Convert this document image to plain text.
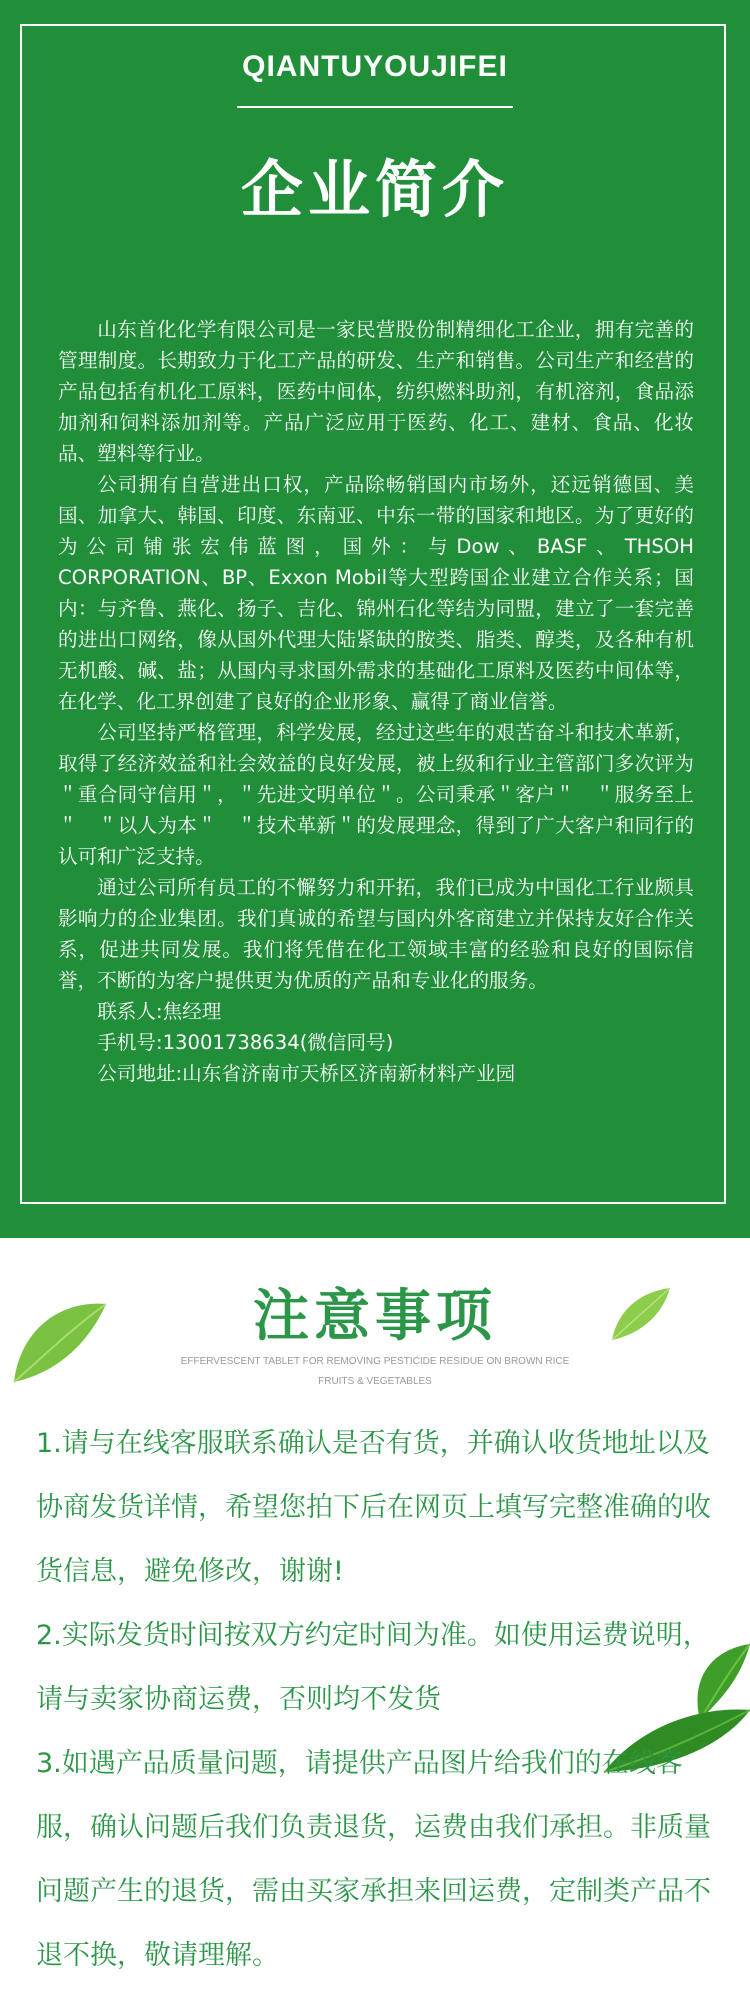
QIANTUYOUJIFEI
企业简介

山东首化化学有限公司是一家民营股份制精细化工企业，拥有完善的管理制度。长期致力于化工产品的研发、生产和销售。公司生产和经营的产品包括有机化工原料，医药中间体，纺织燃料助剂，有机溶剂，食品添加剂和饲料添加剂等。产品广泛应用于医药、化工、建材、食品、化妆品、塑料等行业。

公司拥有自营进出口权，产品除畅销国内市场外，还远销德国、美国、加拿大、韩国、印度、东南亚、中东一带的国家和地区。为了更好的为公司铺张宏伟蓝图，国外：与Dow、BASF、THSOH CORPORATION、BP、Exxon Mobil等大型跨国企业建立合作关系；国内：与齐鲁、燕化、扬子、吉化、锦州石化等结为同盟，建立了一套完善的进出口网络，像从国外代理大陆紧缺的胺类、脂类、醇类，及各种有机无机酸、碱、盐；从国内寻求国外需求的基础化工原料及医药中间体等，在化学、化工界创建了良好的企业形象、赢得了商业信誉。

公司坚持严格管理，科学发展，经过这些年的艰苦奋斗和技术革新，取得了经济效益和社会效益的良好发展，被上级和行业主管部门多次评为＂重合同守信用＂，＂先进文明单位＂。公司秉承＂客户＂　＂服务至上＂　＂以人为本＂　＂技术革新＂的发展理念，得到了广大客户和同行的认可和广泛支持。

通过公司所有员工的不懈努力和开拓，我们已成为中国化工行业颇具影响力的企业集团。我们真诚的希望与国内外客商建立并保持友好合作关系，促进共同发展。我们将凭借在化工领域丰富的经验和良好的国际信誉，不断的为客户提供更为优质的产品和专业化的服务。

联系人:焦经理

手机号:13001738634(微信同号)

公司地址:山东省济南市天桥区济南新材料产业园

注意事项
EFFERVESCENT TABLET FOR REMOVING PESTICIDE RESIDUE ON BROWN RICE
FRUITS & VEGETABLES

1.请与在线客服联系确认是否有货，并确认收货地址以及协商发货详情，希望您拍下后在网页上填写完整准确的收货信息，避免修改，谢谢!

2.实际发货时间按双方约定时间为准。如使用运费说明，请与卖家协商运费，否则均不发货

3.如遇产品质量问题，请提供产品图片给我们的在线客服，确认问题后我们负责退货，运费由我们承担。非质量问题产生的退货，需由买家承担来回运费，定制类产品不退不换，敬请理解。
